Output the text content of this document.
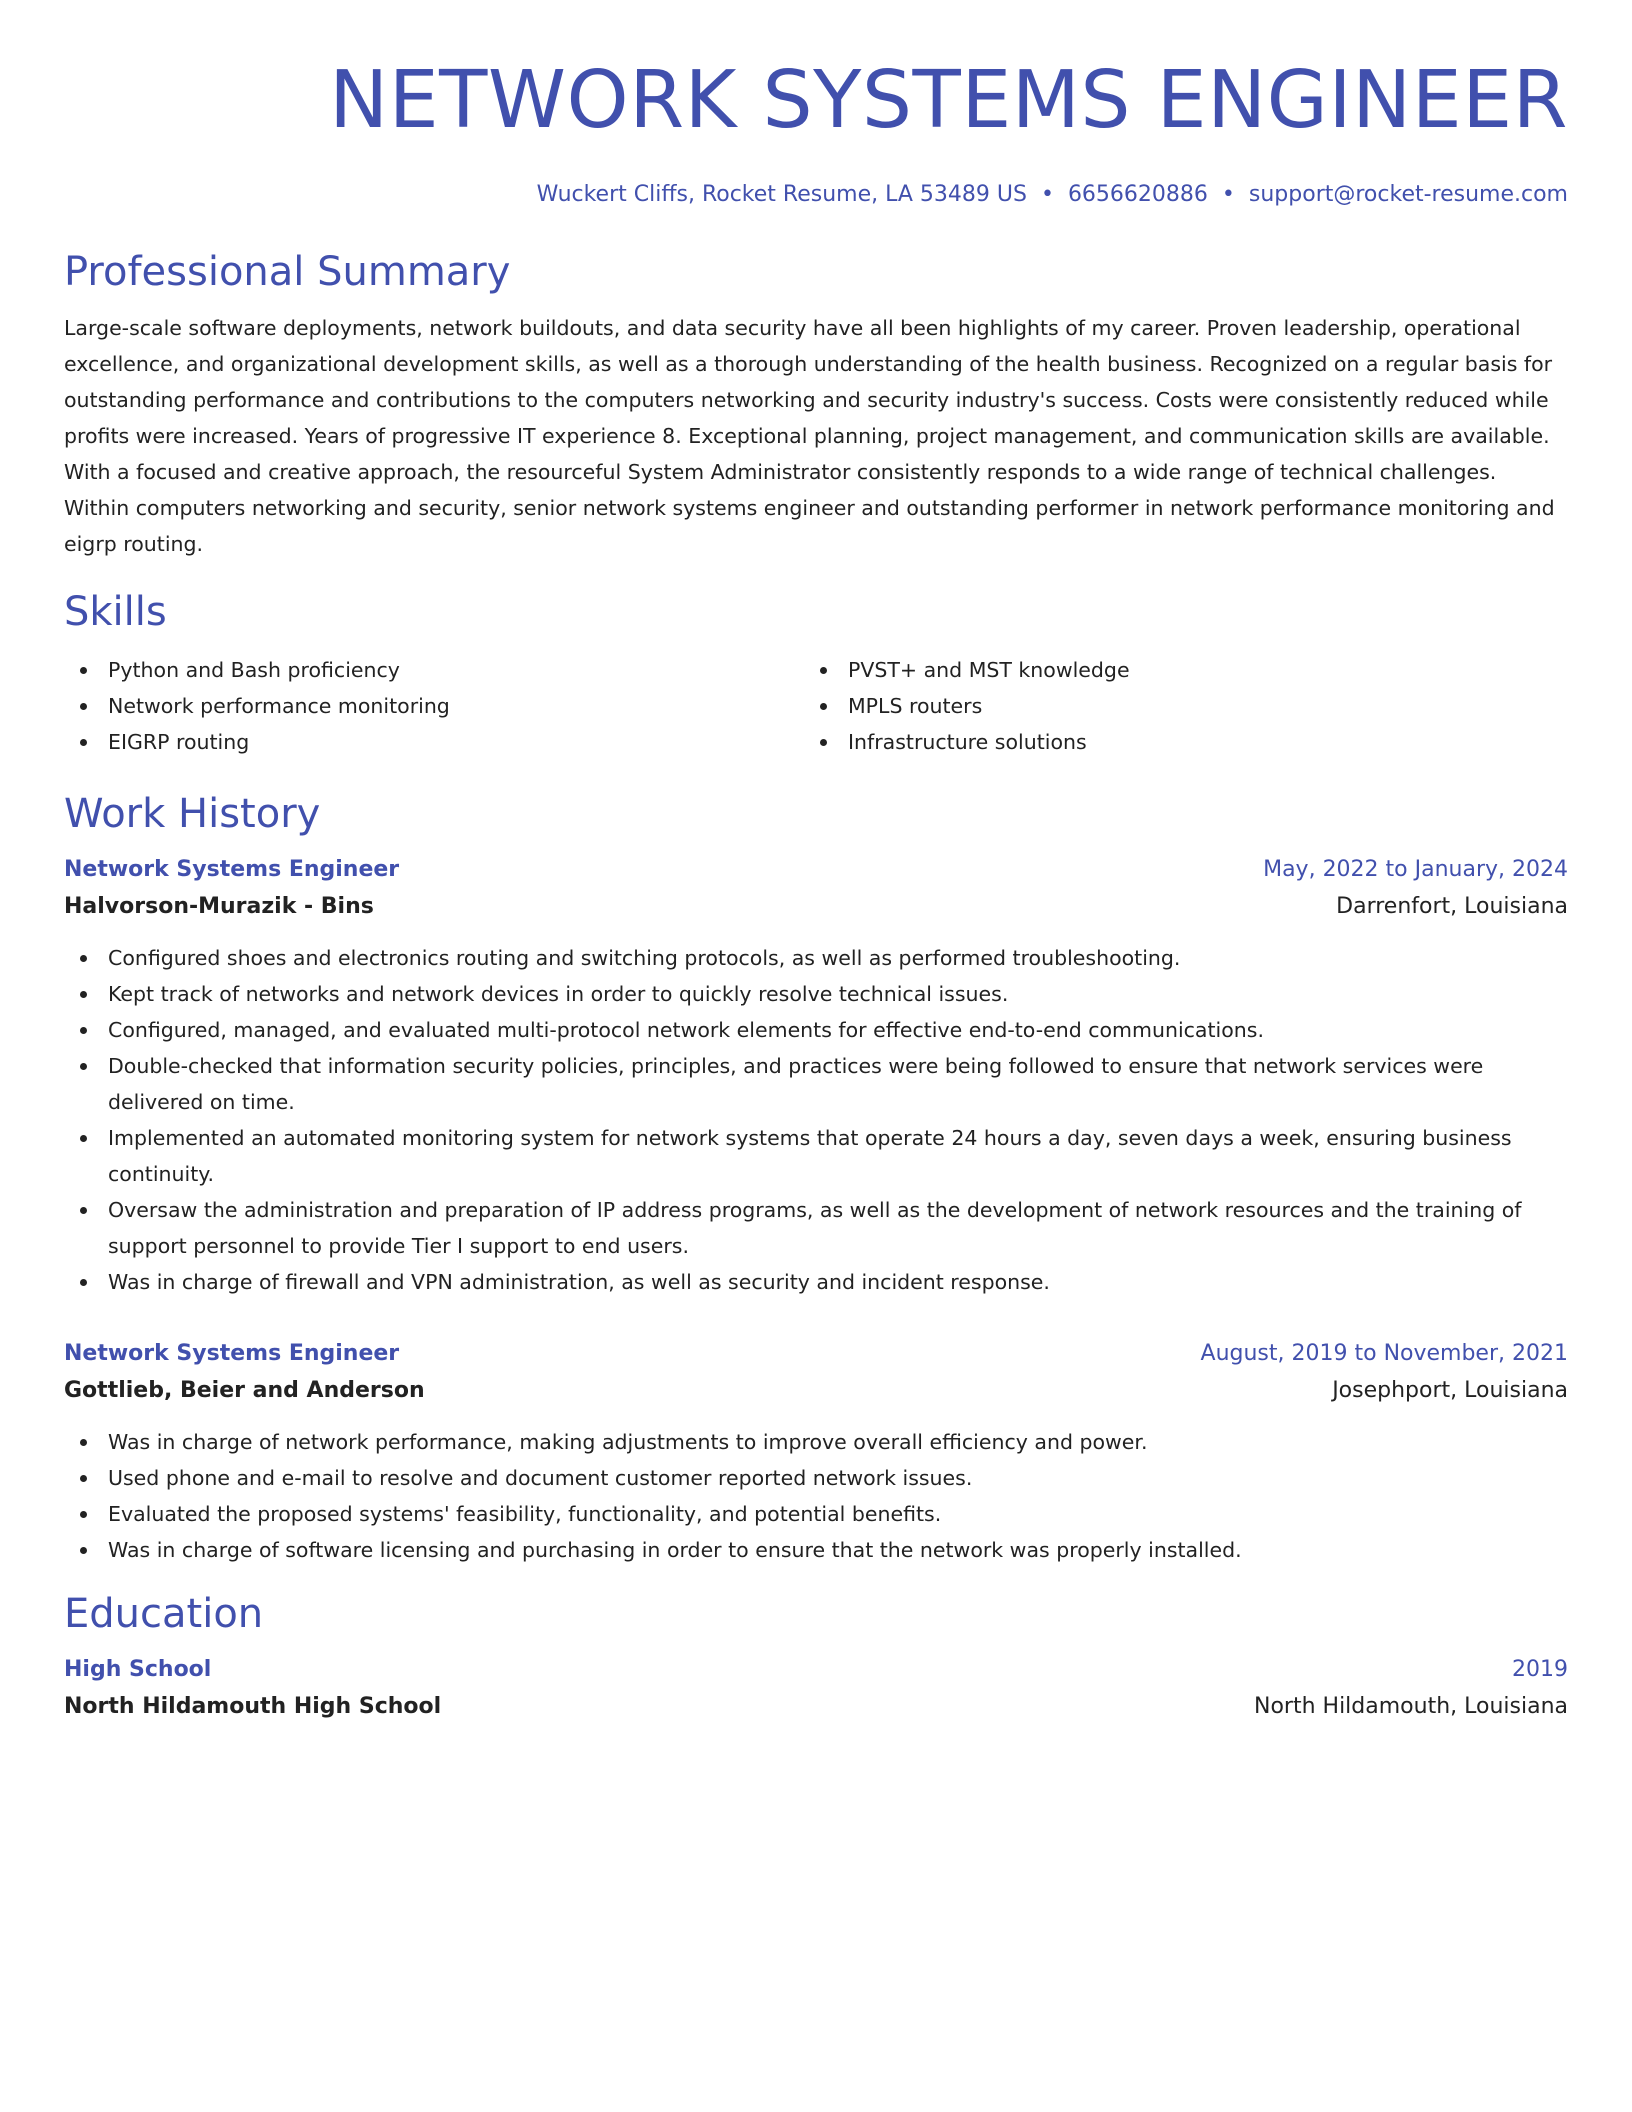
NETWORK SYSTEMS ENGINEER
Wuckert Cliffs, Rocket Resume, LA 53489 US • 6656620886 • support@rocket-resume.com
Professional Summary

Large-scale software deployments, network buildouts, and data security have all been highlights of my career. Proven leadership, operational excellence, and organizational development skills, as well as a thorough understanding of the health business. Recognized on a regular basis for outstanding performance and contributions to the computers networking and security industry's success. Costs were consistently reduced while profits were increased. Years of progressive IT experience 8. Exceptional planning, project management, and communication skills are available. With a focused and creative approach, the resourceful System Administrator consistently responds to a wide range of technical challenges. Within computers networking and security, senior network systems engineer and outstanding performer in network performance monitoring and eigrp routing.

Skills
Python and Bash proficiency
Network performance monitoring
EIGRP routing
PVST+ and MST knowledge
MPLS routers
Infrastructure solutions
Work History
Network Systems Engineer	May, 2022 to January, 2024
Halvorson-Murazik - Bins	Darrenfort, Louisiana
Configured shoes and electronics routing and switching protocols, as well as performed troubleshooting.
Kept track of networks and network devices in order to quickly resolve technical issues.
Configured, managed, and evaluated multi-protocol network elements for effective end-to-end communications.
Double-checked that information security policies, principles, and practices were being followed to ensure that network services were delivered on time.
Implemented an automated monitoring system for network systems that operate 24 hours a day, seven days a week, ensuring business continuity.
Oversaw the administration and preparation of IP address programs, as well as the development of network resources and the training of support personnel to provide Tier I support to end users.
Was in charge of firewall and VPN administration, as well as security and incident response.
Network Systems Engineer	August, 2019 to November, 2021
Gottlieb, Beier and Anderson	Josephport, Louisiana
Was in charge of network performance, making adjustments to improve overall efficiency and power.
Used phone and e-mail to resolve and document customer reported network issues.
Evaluated the proposed systems' feasibility, functionality, and potential benefits.
Was in charge of software licensing and purchasing in order to ensure that the network was properly installed.
Education
High School	2019
North Hildamouth High School	North Hildamouth, Louisiana
